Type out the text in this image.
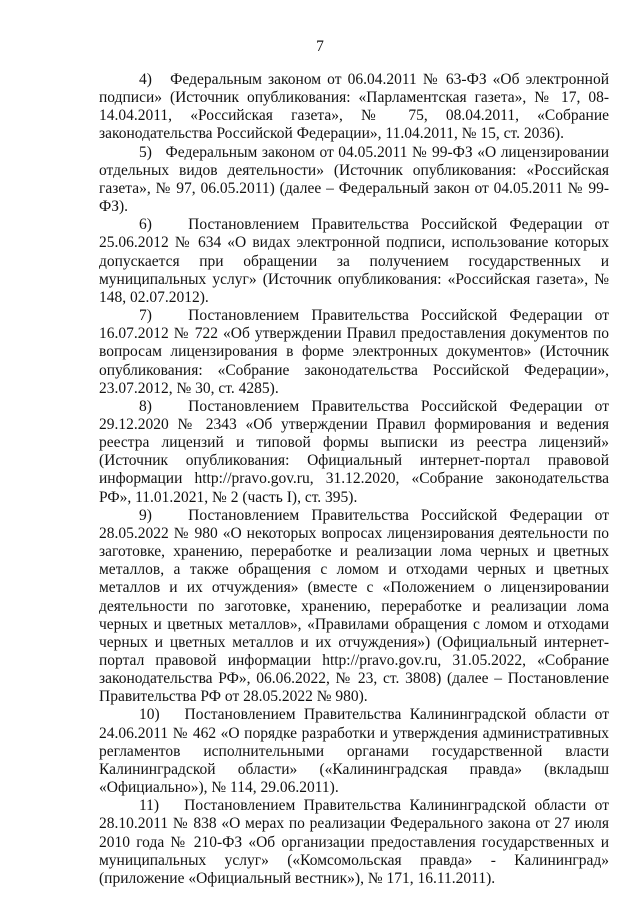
7

4)   Федеральным законом от 06.04.2011 № 63-ФЗ «Об электронной подписи» (Источник опубликования: «Парламентская газета», № 17, 08-14.04.2011, «Российская газета», № 75, 08.04.2011, «Собрание законодательства Российской Федерации», 11.04.2011, № 15, ст. 2036).

5)   Федеральным законом от 04.05.2011 № 99-ФЗ «О лицензировании отдельных видов деятельности» (Источник опубликования: «Российская газета», № 97, 06.05.2011) (далее – Федеральный закон от 04.05.2011 № 99-ФЗ).

6)   Постановлением Правительства Российской Федерации от 25.06.2012 № 634 «О видах электронной подписи, использование которых допускается при обращении за получением государственных и муниципальных услуг» (Источник опубликования: «Российская газета», № 148, 02.07.2012).

7)   Постановлением Правительства Российской Федерации от 16.07.2012 № 722 «Об утверждении Правил предоставления документов по вопросам лицензирования в форме электронных документов» (Источник опубликования: «Собрание законодательства Российской Федерации», 23.07.2012, № 30, ст. 4285).

8)   Постановлением Правительства Российской Федерации от 29.12.2020 № 2343 «Об утверждении Правил формирования и ведения реестра лицензий и типовой формы выписки из реестра лицензий» (Источник опубликования: Официальный интернет-портал правовой информации http://pravo.gov.ru, 31.12.2020, «Собрание законодательства РФ», 11.01.2021, № 2 (часть I), ст. 395).

9)   Постановлением Правительства Российской Федерации от 28.05.2022 № 980 «О некоторых вопросах лицензирования деятельности по заготовке, хранению, переработке и реализации лома черных и цветных металлов, а также обращения с ломом и отходами черных и цветных металлов и их отчуждения» (вместе с «Положением о лицензировании деятельности по заготовке, хранению, переработке и реализации лома черных и цветных металлов», «Правилами обращения с ломом и отходами черных и цветных металлов и их отчуждения») (Официальный интернет-портал правовой информации http://pravo.gov.ru, 31.05.2022, «Собрание законодательства РФ», 06.06.2022, № 23, ст. 3808) (далее – Постановление Правительства РФ от 28.05.2022 № 980).

10)   Постановлением Правительства Калининградской области от 24.06.2011 № 462 «О порядке разработки и утверждения административных регламентов исполнительными органами государственной власти Калининградской области» («Калининградская правда» (вкладыш «Официально»), № 114, 29.06.2011).

11)   Постановлением Правительства Калининградской области от 28.10.2011 № 838 «О мерах по реализации Федерального закона от 27 июля 2010 года № 210-ФЗ «Об организации предоставления государственных и муниципальных услуг» («Комсомольская правда» - Калининград» (приложение «Официальный вестник»), № 171, 16.11.2011).
